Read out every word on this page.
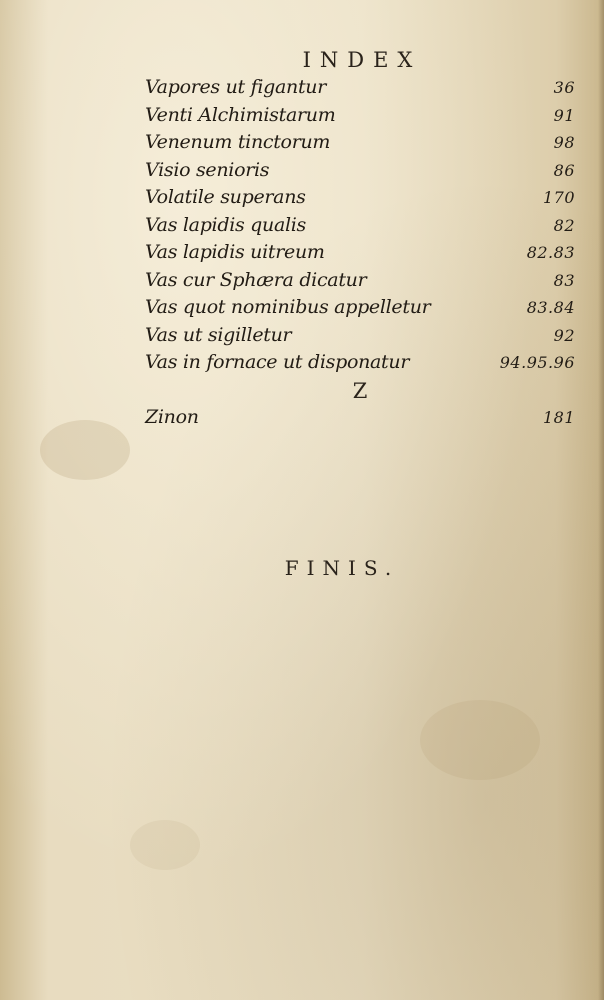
INDEX
Vapores ut figantur	36
Venti Alchimistarum	91
Venenum tinctorum	98
Visio senioris	86
Volatile superans	170
Vas lapidis qualis	82
Vas lapidis uitreum	82.83
Vas cur Sphæra dicatur	83
Vas quot nominibus appelletur	83.84
Vas ut sigilletur	92
Vas in fornace ut disponatur	94.95.96
Z
Zinon	181
FINIS.
